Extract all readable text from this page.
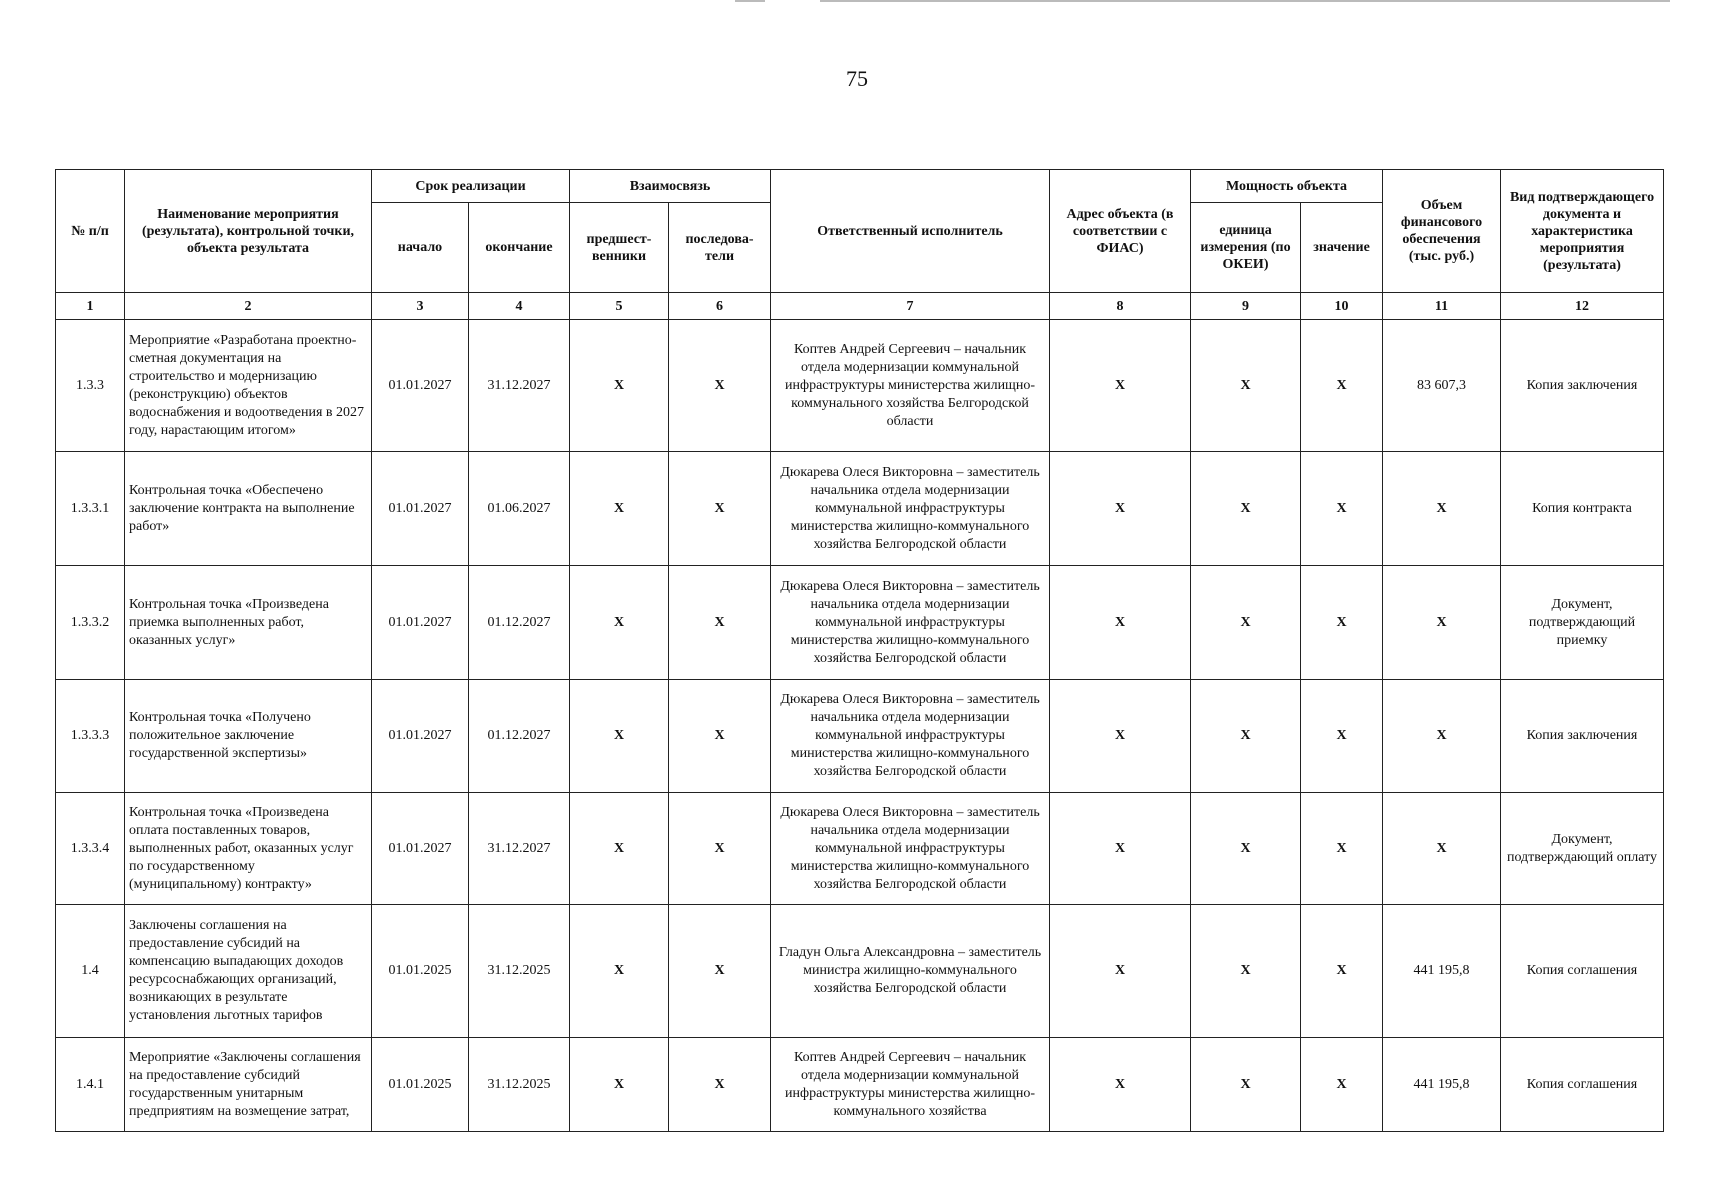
75
№ п/п	Наименование мероприятия (результата), контрольной точки, объекта результата	Срок реализации		Взаимосвязь		Ответственный исполнитель	Адрес объекта (в соответствии с ФИАС)	Мощность объекта		Объем финансового обеспечения (тыс. руб.)	Вид подтверждающего документа и характеристика мероприятия (результата)
		начало	окончание	предшест-венники	последова-тели			единица измерения (по ОКЕИ)	значение		
1	2	3	4	5	6	7	8	9	10	11	12
1.3.3	Мероприятие «Разработана проектно-сметная документация на строительство и модернизацию (реконструкцию) объектов водоснабжения и водоотведения в 2027 году, нарастающим итогом»	01.01.2027	31.12.2027	X	X	Коптев Андрей Сергеевич – начальник отдела модернизации коммунальной инфраструктуры министерства жилищно-коммунального хозяйства Белгородской области	X	X	X	83 607,3	Копия заключения
1.3.3.1	Контрольная точка «Обеспечено заключение контракта на выполнение работ»	01.01.2027	01.06.2027	X	X	Дюкарева Олеся Викторовна – заместитель начальника отдела модернизации коммунальной инфраструктуры министерства жилищно-коммунального хозяйства Белгородской области	X	X	X	X	Копия контракта
1.3.3.2	Контрольная точка «Произведена приемка выполненных работ, оказанных услуг»	01.01.2027	01.12.2027	X	X	Дюкарева Олеся Викторовна – заместитель начальника отдела модернизации коммунальной инфраструктуры министерства жилищно-коммунального хозяйства Белгородской области	X	X	X	X	Документ, подтверждающий приемку
1.3.3.3	Контрольная точка «Получено положительное заключение государственной экспертизы»	01.01.2027	01.12.2027	X	X	Дюкарева Олеся Викторовна – заместитель начальника отдела модернизации коммунальной инфраструктуры министерства жилищно-коммунального хозяйства Белгородской области	X	X	X	X	Копия заключения
1.3.3.4	Контрольная точка «Произведена оплата поставленных товаров, выполненных работ, оказанных услуг по государственному (муниципальному) контракту»	01.01.2027	31.12.2027	X	X	Дюкарева Олеся Викторовна – заместитель начальника отдела модернизации коммунальной инфраструктуры министерства жилищно-коммунального хозяйства Белгородской области	X	X	X	X	Документ, подтверждающий оплату
1.4	Заключены соглашения на предоставление субсидий на компенсацию выпадающих доходов ресурсоснабжающих организаций, возникающих в результате установления льготных тарифов	01.01.2025	31.12.2025	X	X	Гладун Ольга Александровна – заместитель министра жилищно-коммунального хозяйства Белгородской области	X	X	X	441 195,8	Копия соглашения
1.4.1	Мероприятие «Заключены соглашения на предоставление субсидий государственным унитарным предприятиям на возмещение затрат,	01.01.2025	31.12.2025	X	X	Коптев Андрей Сергеевич – начальник отдела модернизации коммунальной инфраструктуры министерства жилищно-коммунального хозяйства	X	X	X	441 195,8	Копия соглашения
